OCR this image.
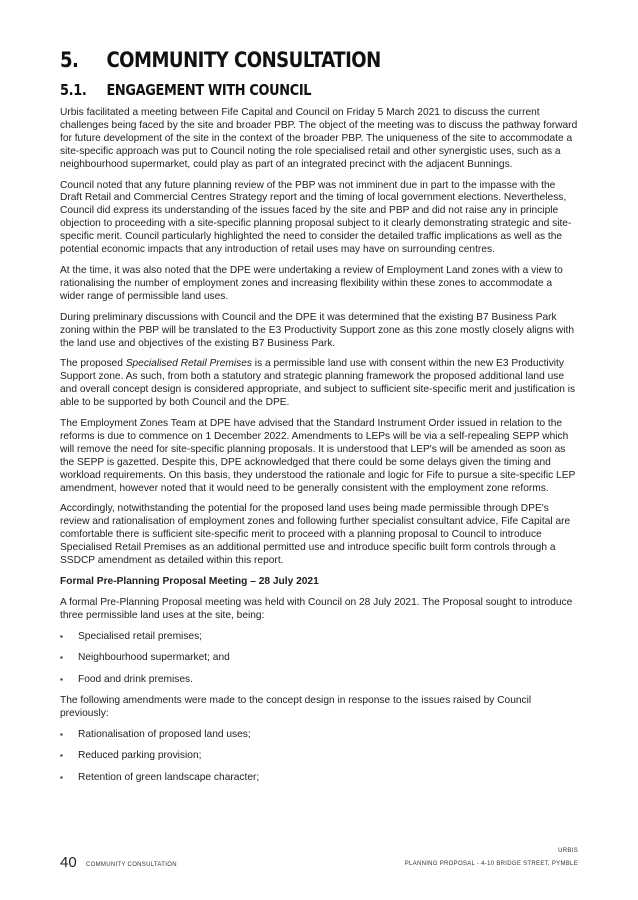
5. COMMUNITY CONSULTATION
5.1. ENGAGEMENT WITH COUNCIL

Urbis facilitated a meeting between Fife Capital and Council on Friday 5 March 2021 to discuss the current challenges being faced by the site and broader PBP. The object of the meeting was to discuss the pathway forward for future development of the site in the context of the broader PBP. The uniqueness of the site to accommodate a site-specific approach was put to Council noting the role specialised retail and other synergistic uses, such as a neighbourhood supermarket, could play as part of an integrated precinct with the adjacent Bunnings.

Council noted that any future planning review of the PBP was not imminent due in part to the impasse with the Draft Retail and Commercial Centres Strategy report and the timing of local government elections. Nevertheless, Council did express its understanding of the issues faced by the site and PBP and did not raise any in principle objection to proceeding with a site-specific planning proposal subject to it clearly demonstrating strategic and site-specific merit. Council particularly highlighted the need to consider the detailed traffic implications as well as the potential economic impacts that any introduction of retail uses may have on surrounding centres.

At the time, it was also noted that the DPE were undertaking a review of Employment Land zones with a view to rationalising the number of employment zones and increasing flexibility within these zones to accommodate a wider range of permissible land uses.

During preliminary discussions with Council and the DPE it was determined that the existing B7 Business Park zoning within the PBP will be translated to the E3 Productivity Support zone as this zone mostly closely aligns with the land use and objectives of the existing B7 Business Park.

The proposed Specialised Retail Premises is a permissible land use with consent within the new E3 Productivity Support zone. As such, from both a statutory and strategic planning framework the proposed additional land use and overall concept design is considered appropriate, and subject to sufficient site-specific merit and justification is able to be supported by both Council and the DPE.

The Employment Zones Team at DPE have advised that the Standard Instrument Order issued in relation to the reforms is due to commence on 1 December 2022. Amendments to LEPs will be via a self-repealing SEPP which will remove the need for site-specific planning proposals. It is understood that LEP's will be amended as soon as the SEPP is gazetted. Despite this, DPE acknowledged that there could be some delays given the timing and workload requirements. On this basis, they understood the rationale and logic for Fife to pursue a site-specific LEP amendment, however noted that it would need to be generally consistent with the employment zone reforms.

Accordingly, notwithstanding the potential for the proposed land uses being made permissible through DPE's review and rationalisation of employment zones and following further specialist consultant advice, Fife Capital are comfortable there is sufficient site-specific merit to proceed with a planning proposal to Council to introduce Specialised Retail Premises as an additional permitted use and introduce specific built form controls through a SSDCP amendment as detailed within this report.

Formal Pre-Planning Proposal Meeting – 28 July 2021

A formal Pre-Planning Proposal meeting was held with Council on 28 July 2021. The Proposal sought to introduce three permissible land uses at the site, being:

▪ Specialised retail premises;
▪ Neighbourhood supermarket; and
▪ Food and drink premises.

The following amendments were made to the concept design in response to the issues raised by Council previously:

▪ Rationalisation of proposed land uses;
▪ Reduced parking provision;
▪ Retention of green landscape character;
40 COMMUNITY CONSULTATION
URBIS
PLANNING PROPOSAL - 4-10 BRIDGE STREET, PYMBLE
